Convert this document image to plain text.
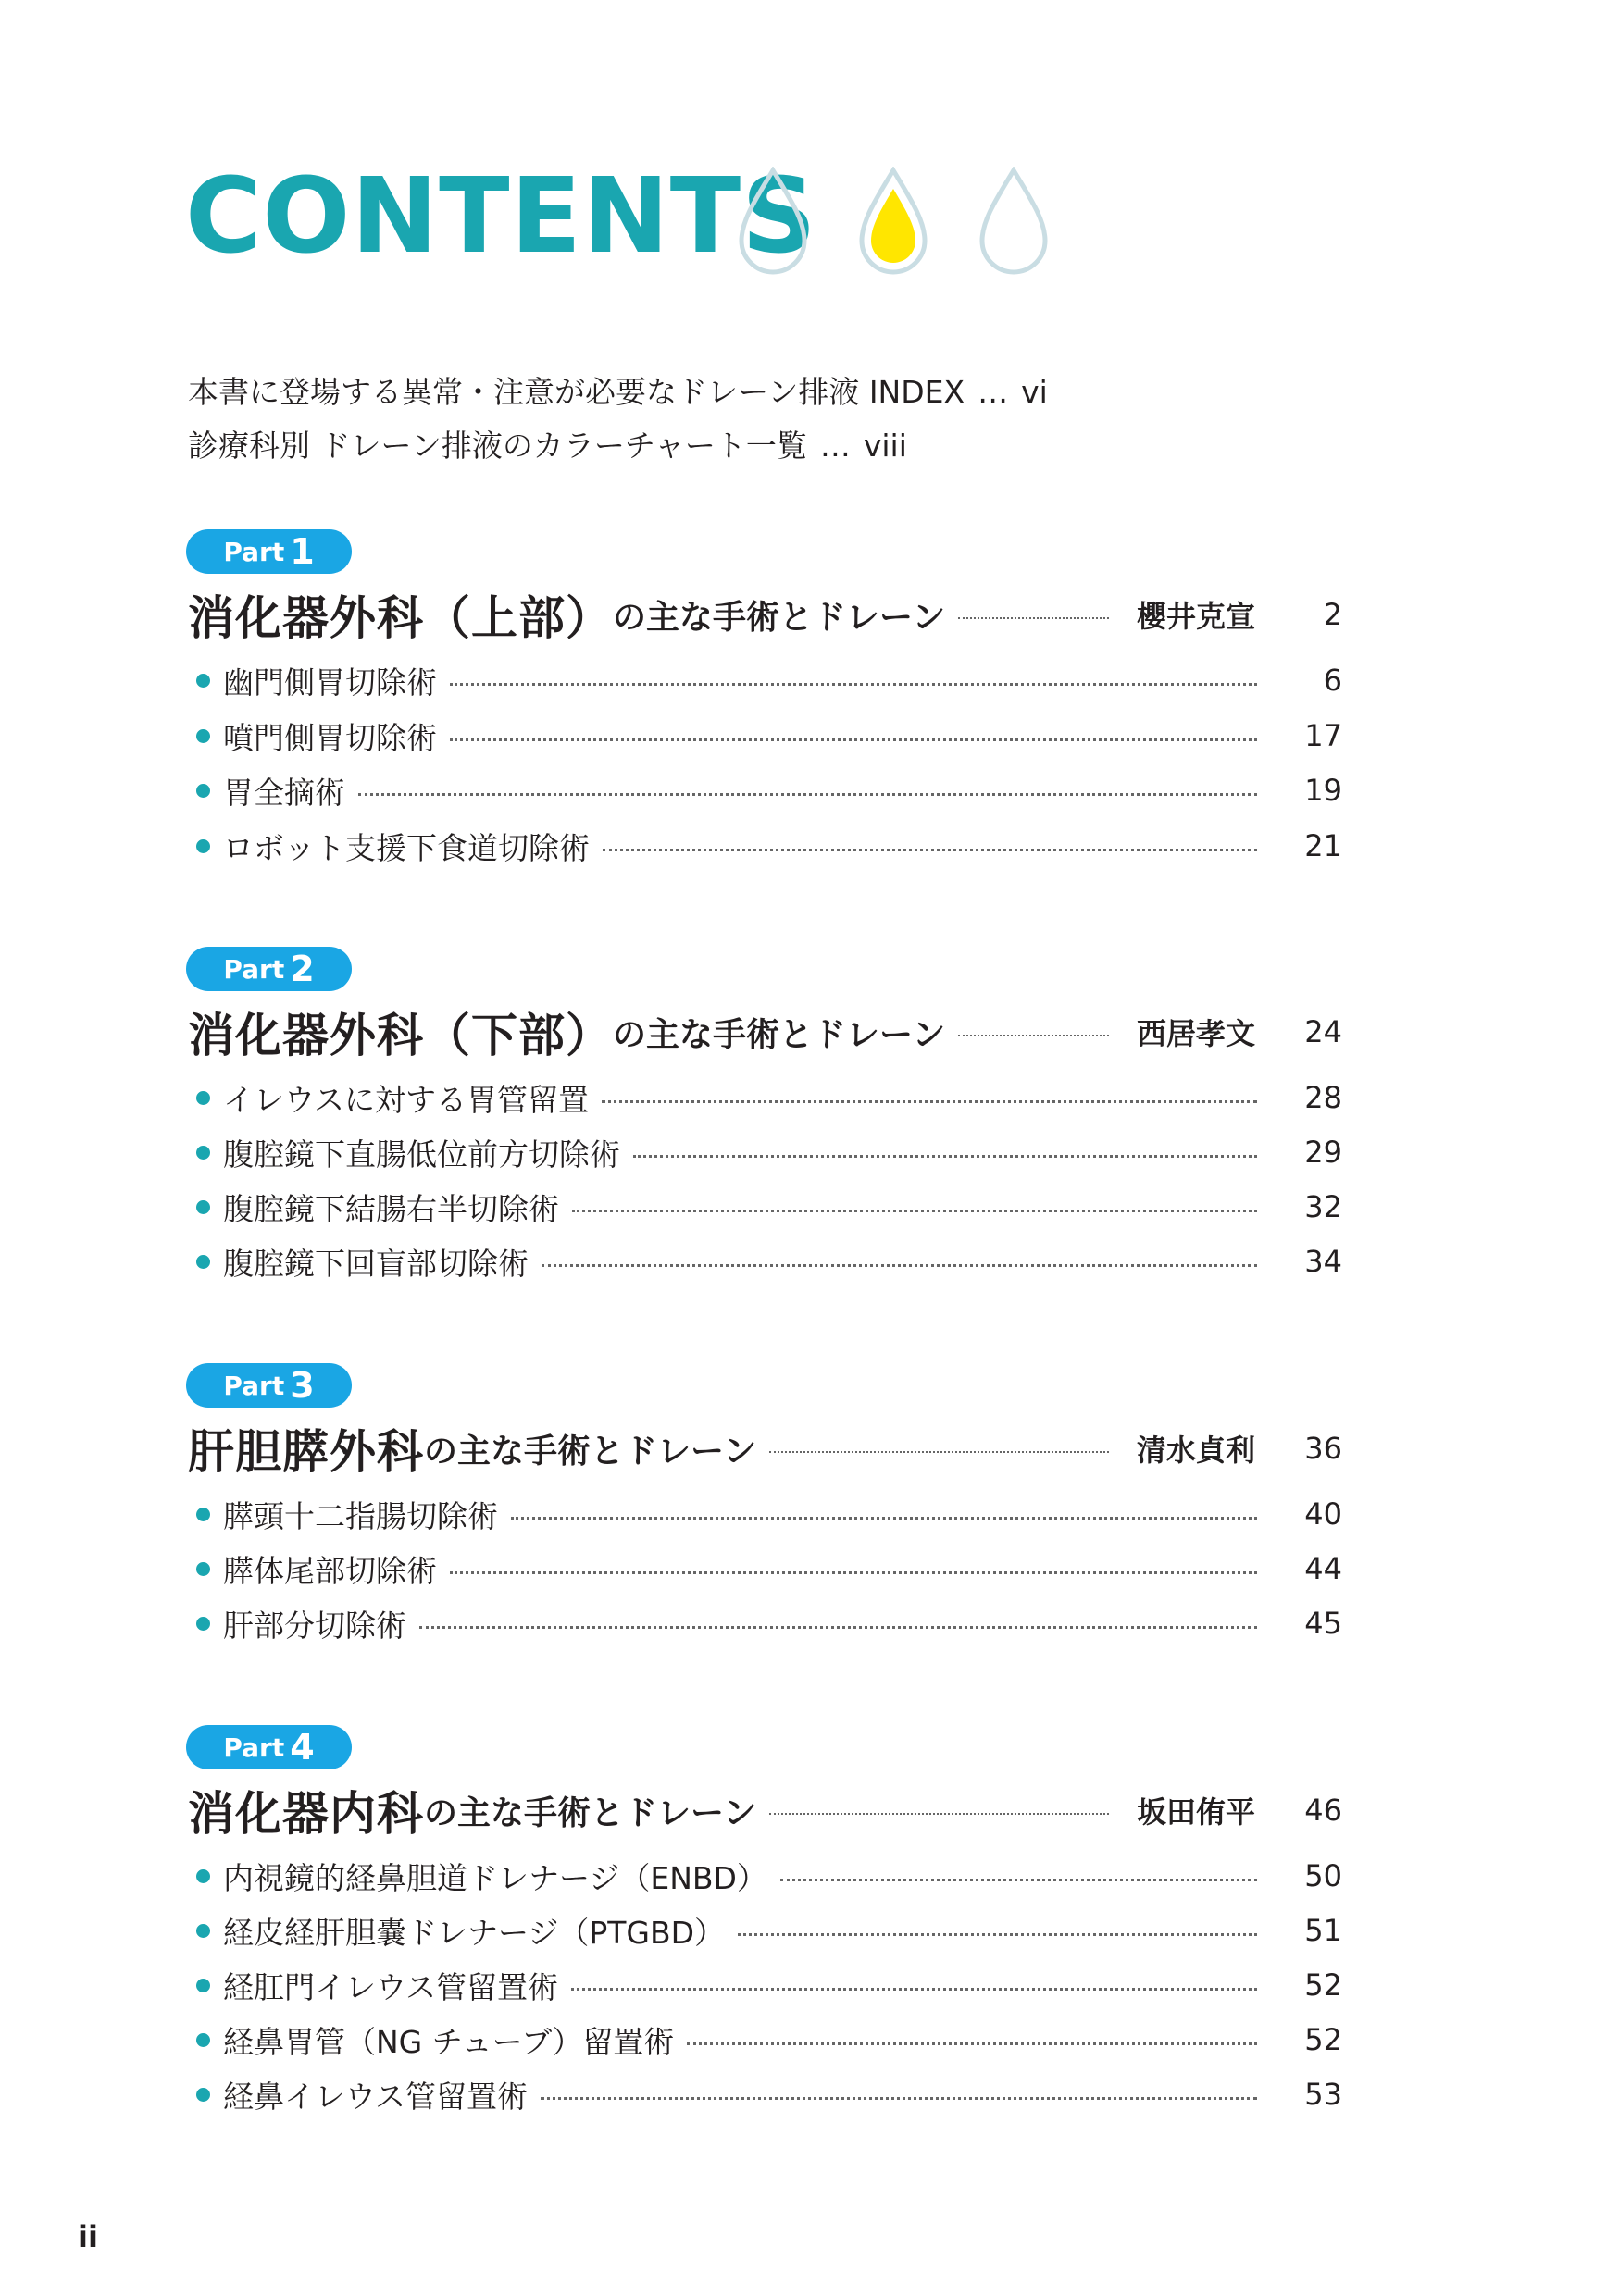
CONTENTS
本書に登場する異常・注意が必要なドレーン排液 INDEX … vi
診療科別 ドレーン排液のカラーチャート一覧 … viii
Part 1
消化器外科（上部） の主な手術とドレーン	櫻井克宣	2
幽門側胃切除術	6
噴門側胃切除術	17
胃全摘術	19
ロボット支援下食道切除術	21
Part 2
消化器外科（下部） の主な手術とドレーン	西居孝文	24
イレウスに対する胃管留置	28
腹腔鏡下直腸低位前方切除術	29
腹腔鏡下結腸右半切除術	32
腹腔鏡下回盲部切除術	34
Part 3
肝胆膵外科 の主な手術とドレーン	清水貞利	36
膵頭十二指腸切除術	40
膵体尾部切除術	44
肝部分切除術	45
Part 4
消化器内科 の主な手術とドレーン	坂田侑平	46
内視鏡的経鼻胆道ドレナージ（ENBD）	50
経皮経肝胆嚢ドレナージ（PTGBD）	51
経肛門イレウス管留置術	52
経鼻胃管（NG チューブ）留置術	52
経鼻イレウス管留置術	53
ii
